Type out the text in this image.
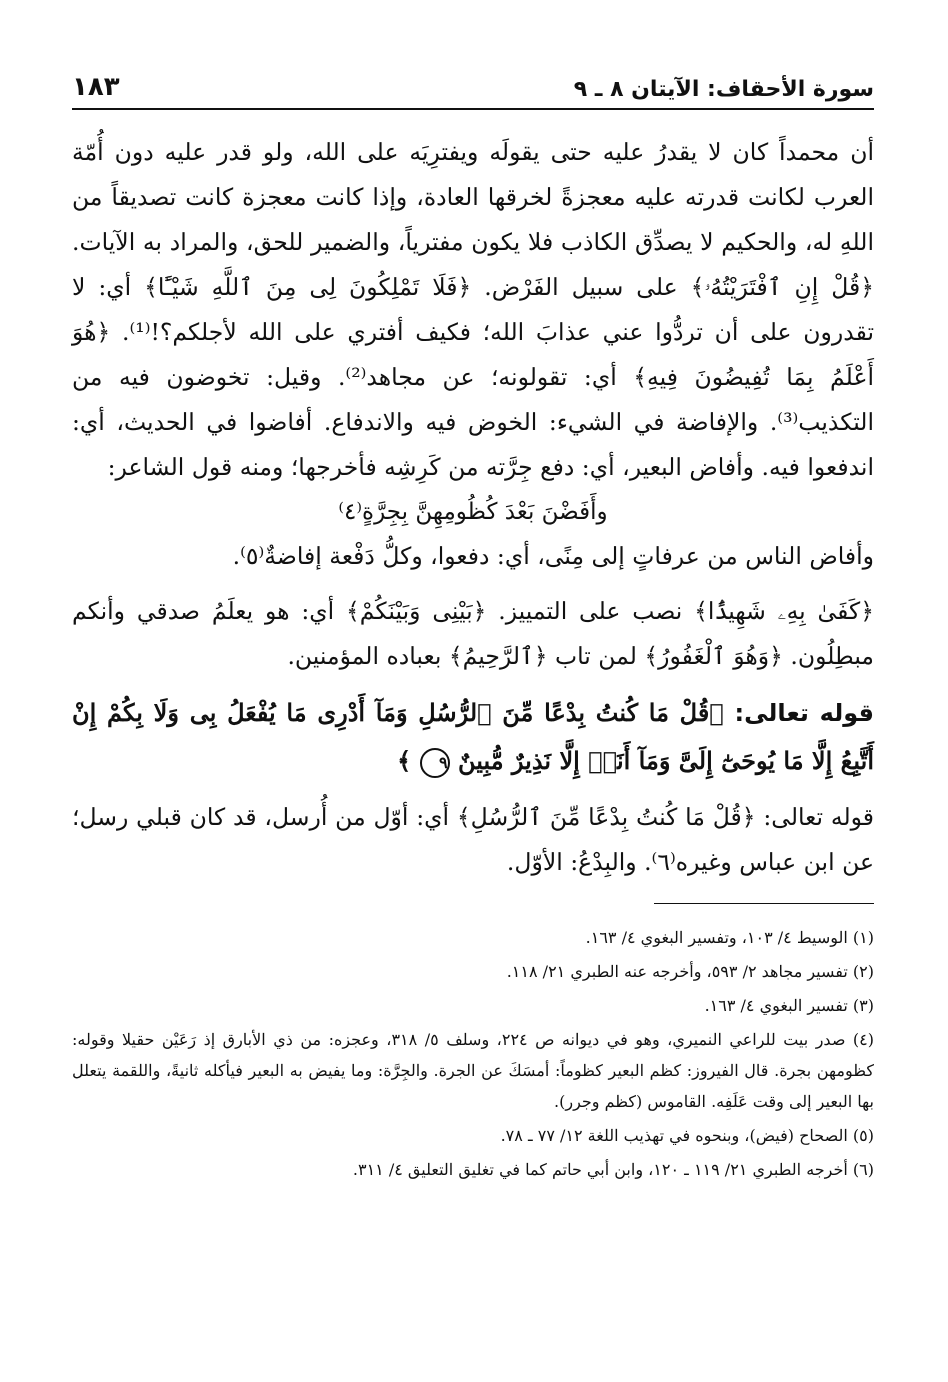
سورة الأحقاف: الآيتان ٨ ـ ٩
١٨٣

أن محمداً كان لا يقدرُ عليه حتى يقولَه ويفترِيَه على الله، ولو قدر عليه دون أُمّة العرب لكانت قدرته عليه معجزةً لخرقها العادة، وإذا كانت معجزة كانت تصديقاً من اللهِ له، والحكيم لا يصدِّق الكاذب فلا يكون مفترياً، والضمير للحق، والمراد به الآيات. ﴿قُلْ إِنِ ٱفْتَرَيْتُهُۥ﴾ على سبيل الفَرْض. ﴿فَلَا تَمْلِكُونَ لِى مِنَ ٱللَّهِ شَيْـًٔا﴾ أي: لا تقدرون على أن تردُّوا عني عذابَ الله؛ فكيف أفتري على الله لأجلكم؟!⁽¹⁾. ﴿هُوَ أَعْلَمُ بِمَا تُفِيضُونَ فِيهِ﴾ أي: تقولونه؛ عن مجاهد⁽²⁾. وقيل: تخوضون فيه من التكذيب⁽³⁾. والإفاضة في الشيء: الخوض فيه والاندفاع. أفاضوا في الحديث، أي: اندفعوا فيه. وأفاض البعير، أي: دفع جِرَّته من كَرِشِه فأخرجها؛ ومنه قول الشاعر:

وأَفَضْنَ بَعْدَ كُظُومِهِنَّ بِجِرَّةٍ⁽٤⁾

وأفاض الناس من عرفاتٍ إلى مِنًى، أي: دفعوا، وكلُّ دَفْعة إفاضةٌ⁽٥⁾.

﴿كَفَىٰ بِهِۦ شَهِيدًۢا﴾ نصب على التمييز. ﴿بَيْنِى وَبَيْنَكُمْ﴾ أي: هو يعلَمُ صدقي وأنكم مبطِلُون. ﴿وَهُوَ ٱلْغَفُورُ﴾ لمن تاب ﴿ٱلرَّحِيمُ﴾ بعباده المؤمنين.

قوله تعالى: ﴿قُلْ مَا كُنتُ بِدْعًا مِّنَ ٱلرُّسُلِ وَمَآ أَدْرِى مَا يُفْعَلُ بِى وَلَا بِكُمْ إِنْ أَتَّبِعُ إِلَّا مَا يُوحَىٰٓ إِلَىَّ وَمَآ أَنَا۠ إِلَّا نَذِيرٌ مُّبِينٌ ٩ ﴾

قوله تعالى: ﴿قُلْ مَا كُنتُ بِدْعًا مِّنَ ٱلرُّسُلِ﴾ أي: أوّل من أُرسل، قد كان قبلي رسل؛ عن ابن عباس وغيره⁽٦⁾. والبِدْعُ: الأوّل.

(١) الوسيط ٤/ ١٠٣، وتفسير البغوي ٤/ ١٦٣.

(٢) تفسير مجاهد ٢/ ٥٩٣، وأخرجه عنه الطبري ٢١/ ١١٨.

(٣) تفسير البغوي ٤/ ١٦٣.

(٤) صدر بيت للراعي النميري، وهو في ديوانه ص ٢٢٤، وسلف ٥/ ٣١٨، وعجزه: من ذي الأبارق إذ رَعَيْن حقيلا وقوله: كظومهن بجرة. قال الفيروز: كظم البعير كظوماً: أمسَكَ عن الجرة. والجِرَّة: وما يفيض به البعير فيأكله ثانيةً، واللقمة يتعلل بها البعير إلى وقت عَلَفِه. القاموس (كظم وجرر).

(٥) الصحاح (فيض)، وبنحوه في تهذيب اللغة ١٢/ ٧٧ ـ ٧٨.

(٦) أخرجه الطبري ٢١/ ١١٩ ـ ١٢٠، وابن أبي حاتم كما في تغليق التعليق ٤/ ٣١١.
